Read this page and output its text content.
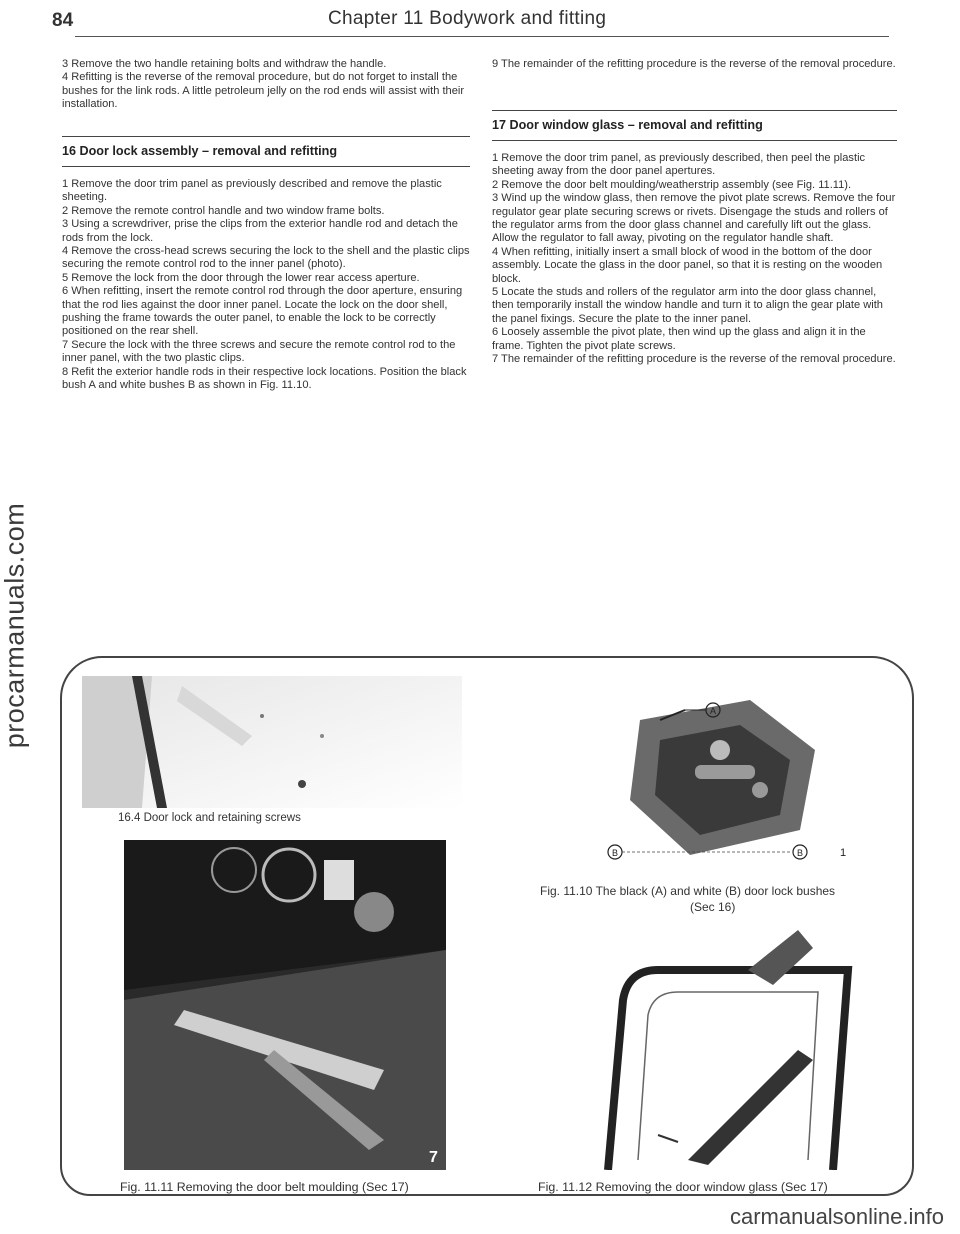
procarmanuals.com
carmanualsonline.info
84	Chapter 11 Bodywork and fitting

3 Remove the two handle retaining bolts and withdraw the handle.

4 Refitting is the reverse of the removal procedure, but do not forget to install the bushes for the link rods. A little petroleum jelly on the rod ends will assist with their installation.

16 Door lock assembly – removal and refitting

1 Remove the door trim panel as previously described and remove the plastic sheeting.

2 Remove the remote control handle and two window frame bolts.

3 Using a screwdriver, prise the clips from the exterior handle rod and detach the rods from the lock.

4 Remove the cross-head screws securing the lock to the shell and the plastic clips securing the remote control rod to the inner panel (photo).

5 Remove the lock from the door through the lower rear access aperture.

6 When refitting, insert the remote control rod through the door aperture, ensuring that the rod lies against the door inner panel. Locate the lock on the door shell, pushing the frame towards the outer panel, to enable the lock to be correctly positioned on the rear shell.

7 Secure the lock with the three screws and secure the remote control rod to the inner panel, with the two plastic clips.

8 Refit the exterior handle rods in their respective lock locations. Position the black bush A and white bushes B as shown in Fig. 11.10.

9 The remainder of the refitting procedure is the reverse of the removal procedure.

17 Door window glass – removal and refitting

1 Remove the door trim panel, as previously described, then peel the plastic sheeting away from the door panel apertures.

2 Remove the door belt moulding/weatherstrip assembly (see Fig. 11.11).

3 Wind up the window glass, then remove the pivot plate screws. Remove the four regulator gear plate securing screws or rivets. Disengage the studs and rollers of the regulator arms from the door glass channel and carefully lift out the glass. Allow the regulator to fall away, pivoting on the regulator handle shaft.

4 When refitting, initially insert a small block of wood in the bottom of the door assembly. Locate the glass in the door panel, so that it is resting on the wooden block.

5 Locate the studs and rollers of the regulator arm into the door glass channel, then temporarily install the window handle and turn it to align the gear plate with the panel fixings. Secure the plate to the inner panel.

6 Loosely assemble the pivot plate, then wind up the glass and align it in the frame. Tighten the pivot plate screws.

7 The remainder of the refitting procedure is the reverse of the removal procedure.

16.4 Door lock and retaining screws
A
B	B	1
Fig. 11.10 The black (A) and white (B) door lock bushes
(Sec 16)
7
Fig. 11.11 Removing the door belt moulding (Sec 17)	Fig. 11.12 Removing the door window glass (Sec 17)
